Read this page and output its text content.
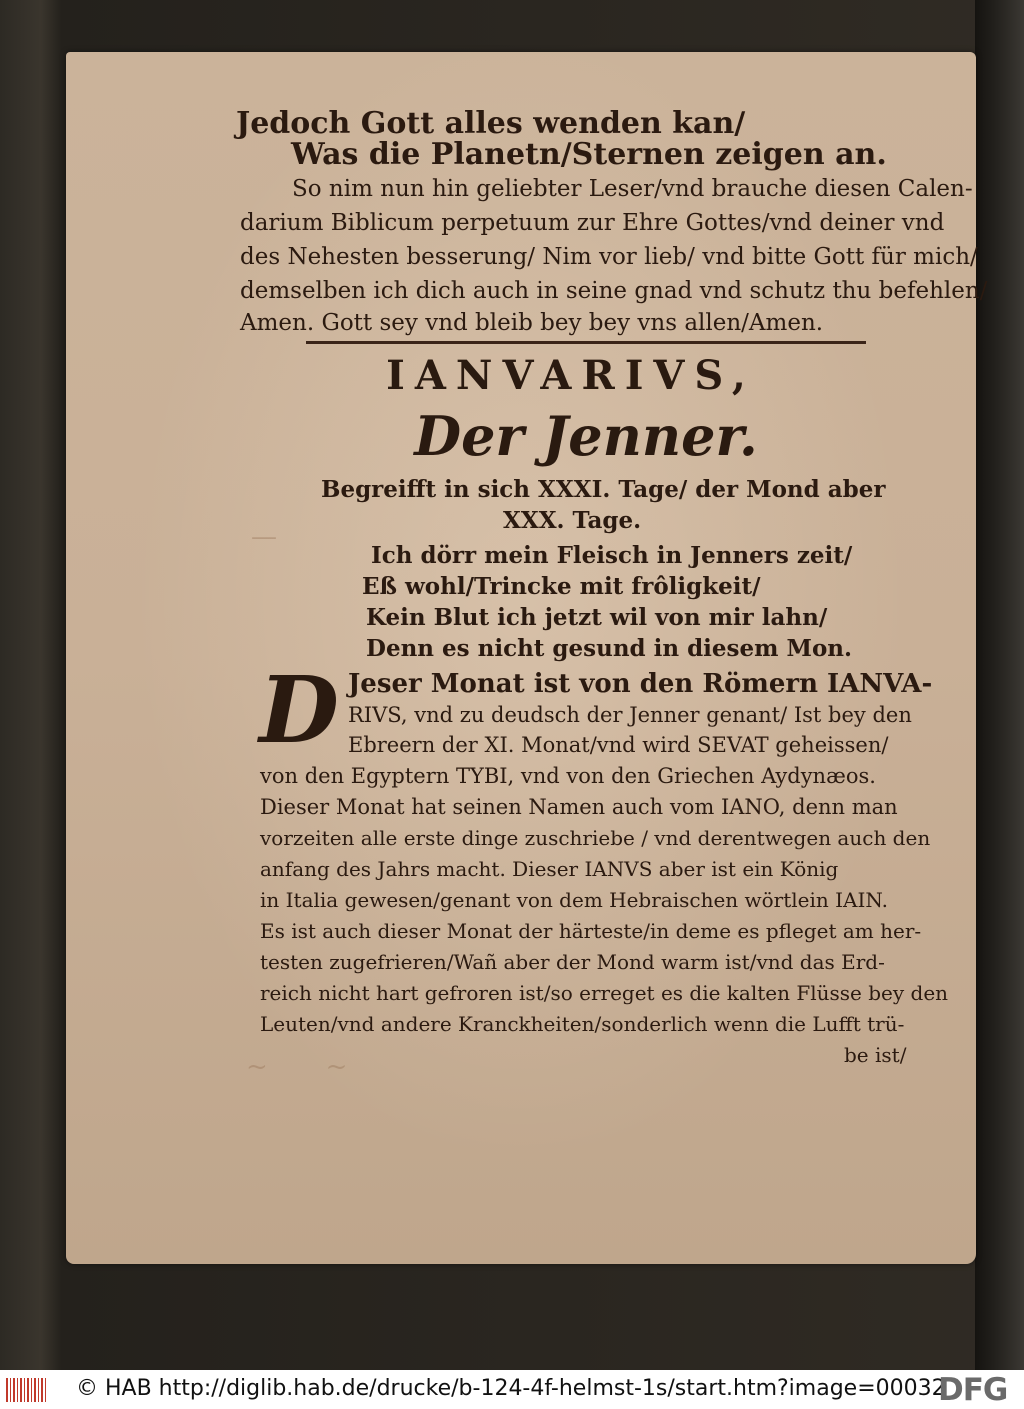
—
Jedoch Gott alles wenden kan/
Was die Planetn/Sternen zeigen an.
So nim nun hin geliebter Leser/vnd brauche diesen Calen-
darium Biblicum perpetuum zur Ehre Gottes/vnd deiner vnd
des Nehesten besserung/ Nim vor lieb/ vnd bitte Gott für mich/
demselben ich dich auch in seine gnad vnd schutz thu befehlen/
Amen. Gott sey vnd bleib bey bey vns allen/Amen.
IANVARIVS,
Der Jenner.
Begreifft in sich XXXI. Tage/ der Mond aber
XXX. Tage.
Ich dörr mein Fleisch in Jenners zeit/
Eß wohl/Trincke mit frôligkeit/
Kein Blut ich jetzt wil von mir lahn/
Denn es nicht gesund in diesem Mon.
D Jeser Monat ist von den Römern IANVA-
RIVS, vnd zu deudsch der Jenner genant/ Ist bey den
Ebreern der XI. Monat/vnd wird SEVAT geheissen/
von den Egyptern TYBI, vnd von den Griechen Aydynæos.
Dieser Monat hat seinen Namen auch vom IANO, denn man
vorzeiten alle erste dinge zuschriebe / vnd derentwegen auch den
anfang des Jahrs macht. Dieser IANVS aber ist ein König
in Italia gewesen/genant von dem Hebraischen wörtlein IAIN.
Es ist auch dieser Monat der härteste/in deme es pfleget am her-
testen zugefrieren/Wañ aber der Mond warm ist/vnd das Erd-
reich nicht hart gefroren ist/so erreget es die kalten Flüsse bey den
Leuten/vnd andere Kranckheiten/sonderlich wenn die Lufft trü-
be ist/
~       ~
© HAB http://diglib.hab.de/drucke/b-124-4f-helmst-1s/start.htm?image=00032
DFG
